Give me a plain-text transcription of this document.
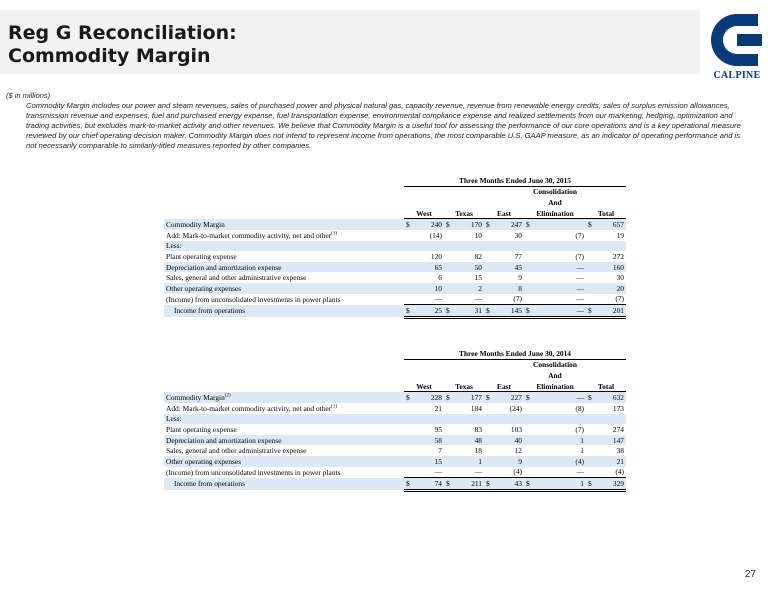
Reg G Reconciliation:
Commodity Margin
CALPINE
($ in millions)

Commodity Margin includes our power and steam revenues, sales of purchased power and physical natural gas, capacity revenue, revenue from renewable energy credits, sales of surplus emission allowances, transmission revenue and expenses, fuel and purchased energy expense, fuel transportation expense, environmental compliance expense and realized settlements from our marketing, hedging, optimization and trading activities, but excludes mark-to-market activity and other revenues. We believe that Commodity Margin is a useful tool for assessing the performance of our core operations and is a key operational measure reviewed by our chief operating decision maker. Commodity Margin does not intend to represent income from operations, the most comparable U.S. GAAP measure, as an indicator of operating performance and is not necessarily comparable to similarly-titled measures reported by other companies.

	Three Months Ended June 30, 2015									
							Consolidation			
							And			
	West		Texas		East		Elimination		Total	
Commodity Margin	$	240	$	170	$	247	$		$	657
Add: Mark-to-market commodity activity, net and other$^{(1)}$		(14)		10		30		(7)		19
Less:										
Plant operating expense		120		82		77		(7)		272
Depreciation and amortization expense		65		50		45		—		160
Sales, general and other administrative expense		6		15		9		—		30
Other operating expenses		10		2		8		—		20
(Income) from unconsolidated investments in power plants		—		—		(7)		—		(7)
Income from operations	$	25	$	31	$	145	$	—	$	201
	Three Months Ended June 30, 2014									
							Consolidation			
							And			
	West		Texas		East		Elimination		Total	
Commodity Margin$^{(2)}$	$	228	$	177	$	227	$	—	$	632
Add: Mark-to-market commodity activity, net and other$^{(1)}$		21		184		(24)		(8)		173
Less:										
Plant operating expense		95		83		103		(7)		274
Depreciation and amortization expense		58		48		40		1		147
Sales, general and other administrative expense		7		18		12		1		38
Other operating expenses		15		1		9		(4)		21
(Income) from unconsolidated investments in power plants		—		—		(4)		—		(4)
Income from operations	$	74	$	211	$	43	$	1	$	329
27
